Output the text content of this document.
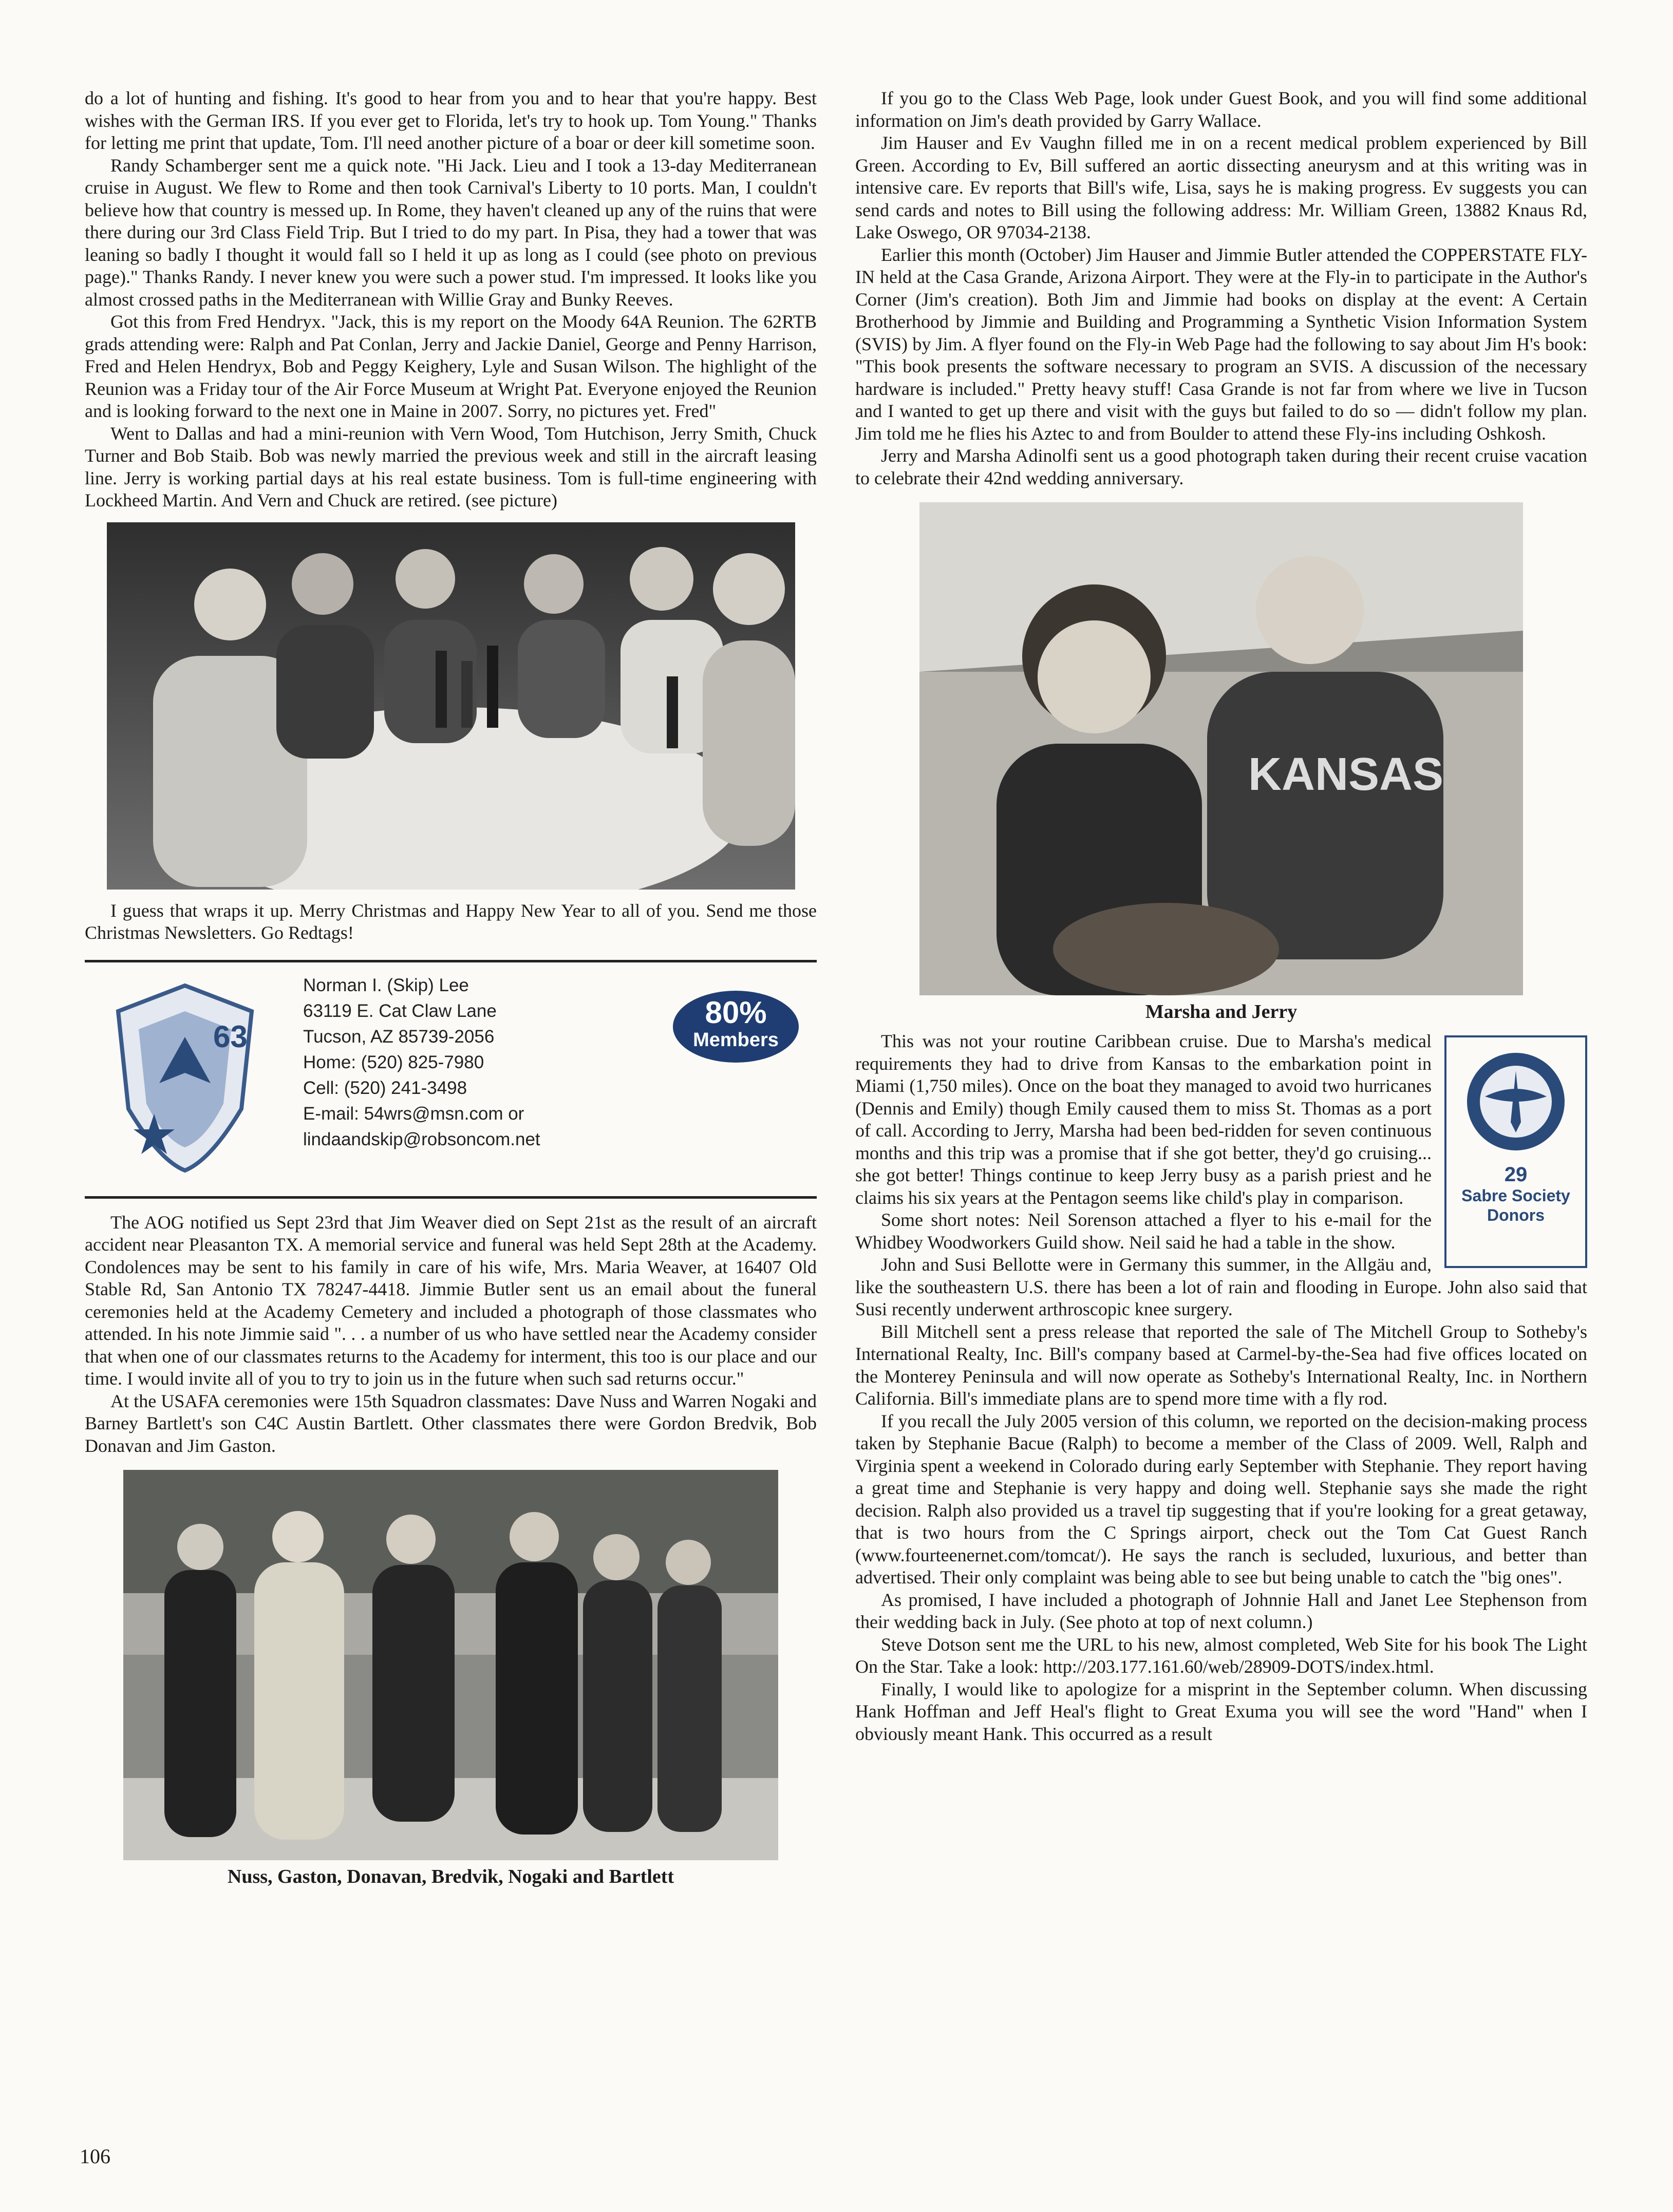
do a lot of hunting and fishing. It's good to hear from you and to hear that you're happy. Best wishes with the German IRS. If you ever get to Florida, let's try to hook up. Tom Young." Thanks for letting me print that update, Tom. I'll need another picture of a boar or deer kill sometime soon.

Randy Schamberger sent me a quick note. "Hi Jack. Lieu and I took a 13-day Mediterranean cruise in August. We flew to Rome and then took Carnival's Liberty to 10 ports. Man, I couldn't believe how that country is messed up. In Rome, they haven't cleaned up any of the ruins that were there during our 3rd Class Field Trip. But I tried to do my part. In Pisa, they had a tower that was leaning so badly I thought it would fall so I held it up as long as I could (see photo on previous page)." Thanks Randy. I never knew you were such a power stud. I'm impressed. It looks like you almost crossed paths in the Mediterranean with Willie Gray and Bunky Reeves.

Got this from Fred Hendryx. "Jack, this is my report on the Moody 64A Reunion. The 62RTB grads attending were: Ralph and Pat Conlan, Jerry and Jackie Daniel, George and Penny Harrison, Fred and Helen Hendryx, Bob and Peggy Keighery, Lyle and Susan Wilson. The highlight of the Reunion was a Friday tour of the Air Force Museum at Wright Pat. Everyone enjoyed the Reunion and is looking forward to the next one in Maine in 2007. Sorry, no pictures yet. Fred"

Went to Dallas and had a mini-reunion with Vern Wood, Tom Hutchison, Jerry Smith, Chuck Turner and Bob Staib. Bob was newly married the previous week and still in the aircraft leasing line. Jerry is working partial days at his real estate business. Tom is full-time engineering with Lockheed Martin. And Vern and Chuck are retired. (see picture)

I guess that wraps it up. Merry Christmas and Happy New Year to all of you. Send me those Christmas Newsletters. Go Redtags!

63
Norman I. (Skip) Lee
63119 E. Cat Claw Lane
Tucson, AZ 85739-2056
Home: (520) 825-7980
Cell: (520) 241-3498
E-mail: 54wrs@msn.com or
lindaandskip@robsoncom.net
80%
Members

The AOG notified us Sept 23rd that Jim Weaver died on Sept 21st as the result of an aircraft accident near Pleasanton TX. A memorial service and funeral was held Sept 28th at the Academy. Condolences may be sent to his family in care of his wife, Mrs. Maria Weaver, at 16407 Old Stable Rd, San Antonio TX 78247-4418. Jimmie Butler sent us an email about the funeral ceremonies held at the Academy Cemetery and included a photograph of those classmates who attended. In his note Jimmie said ". . . a number of us who have settled near the Academy consider that when one of our classmates returns to the Academy for interment, this too is our place and our time. I would invite all of you to try to join us in the future when such sad returns occur."

At the USAFA ceremonies were 15th Squadron classmates: Dave Nuss and Warren Nogaki and Barney Bartlett's son C4C Austin Bartlett. Other classmates there were Gordon Bredvik, Bob Donavan and Jim Gaston.

Nuss, Gaston, Donavan, Bredvik, Nogaki and Bartlett

If you go to the Class Web Page, look under Guest Book, and you will find some additional information on Jim's death provided by Garry Wallace.

Jim Hauser and Ev Vaughn filled me in on a recent medical problem experienced by Bill Green. According to Ev, Bill suffered an aortic dissecting aneurysm and at this writing was in intensive care. Ev reports that Bill's wife, Lisa, says he is making progress. Ev suggests you can send cards and notes to Bill using the following address: Mr. William Green, 13882 Knaus Rd, Lake Oswego, OR 97034-2138.

Earlier this month (October) Jim Hauser and Jimmie Butler attended the COPPERSTATE FLY-IN held at the Casa Grande, Arizona Airport. They were at the Fly-in to participate in the Author's Corner (Jim's creation). Both Jim and Jimmie had books on display at the event: A Certain Brotherhood by Jimmie and Building and Programming a Synthetic Vision Information System (SVIS) by Jim. A flyer found on the Fly-in Web Page had the following to say about Jim H's book: "This book presents the software necessary to program an SVIS. A discussion of the necessary hardware is included." Pretty heavy stuff! Casa Grande is not far from where we live in Tucson and I wanted to get up there and visit with the guys but failed to do so — didn't follow my plan. Jim told me he flies his Aztec to and from Boulder to attend these Fly-ins including Oshkosh.

Jerry and Marsha Adinolfi sent us a good photograph taken during their recent cruise vacation to celebrate their 42nd wedding anniversary.

KANSAS
Marsha and Jerry
29
Sabre Society Donors

This was not your routine Caribbean cruise. Due to Marsha's medical requirements they had to drive from Kansas to the embarkation point in Miami (1,750 miles). Once on the boat they managed to avoid two hurricanes (Dennis and Emily) though Emily caused them to miss St. Thomas as a port of call. According to Jerry, Marsha had been bed-ridden for seven continuous months and this trip was a promise that if she got better, they'd go cruising... she got better! Things continue to keep Jerry busy as a parish priest and he claims his six years at the Pentagon seems like child's play in comparison.

Some short notes: Neil Sorenson attached a flyer to his e-mail for the Whidbey Woodworkers Guild show. Neil said he had a table in the show.

John and Susi Bellotte were in Germany this summer, in the Allgäu and, like the southeastern U.S. there has been a lot of rain and flooding in Europe. John also said that Susi recently underwent arthroscopic knee surgery.

Bill Mitchell sent a press release that reported the sale of The Mitchell Group to Sotheby's International Realty, Inc. Bill's company based at Carmel-by-the-Sea had five offices located on the Monterey Peninsula and will now operate as Sotheby's International Realty, Inc. in Northern California. Bill's immediate plans are to spend more time with a fly rod.

If you recall the July 2005 version of this column, we reported on the decision-making process taken by Stephanie Bacue (Ralph) to become a member of the Class of 2009. Well, Ralph and Virginia spent a weekend in Colorado during early September with Stephanie. They report having a great time and Stephanie is very happy and doing well. Stephanie says she made the right decision. Ralph also provided us a travel tip suggesting that if you're looking for a great getaway, that is two hours from the C Springs airport, check out the Tom Cat Guest Ranch (www.fourteenernet.com/tomcat/). He says the ranch is secluded, luxurious, and better than advertised. Their only complaint was being able to see but being unable to catch the "big ones".

As promised, I have included a photograph of Johnnie Hall and Janet Lee Stephenson from their wedding back in July. (See photo at top of next column.)

Steve Dotson sent me the URL to his new, almost completed, Web Site for his book The Light On the Star. Take a look: http://203.177.161.60/web/28909-DOTS/index.html.

Finally, I would like to apologize for a misprint in the September column. When discussing Hank Hoffman and Jeff Heal's flight to Great Exuma you will see the word "Hand" when I obviously meant Hank. This occurred as a result

106
